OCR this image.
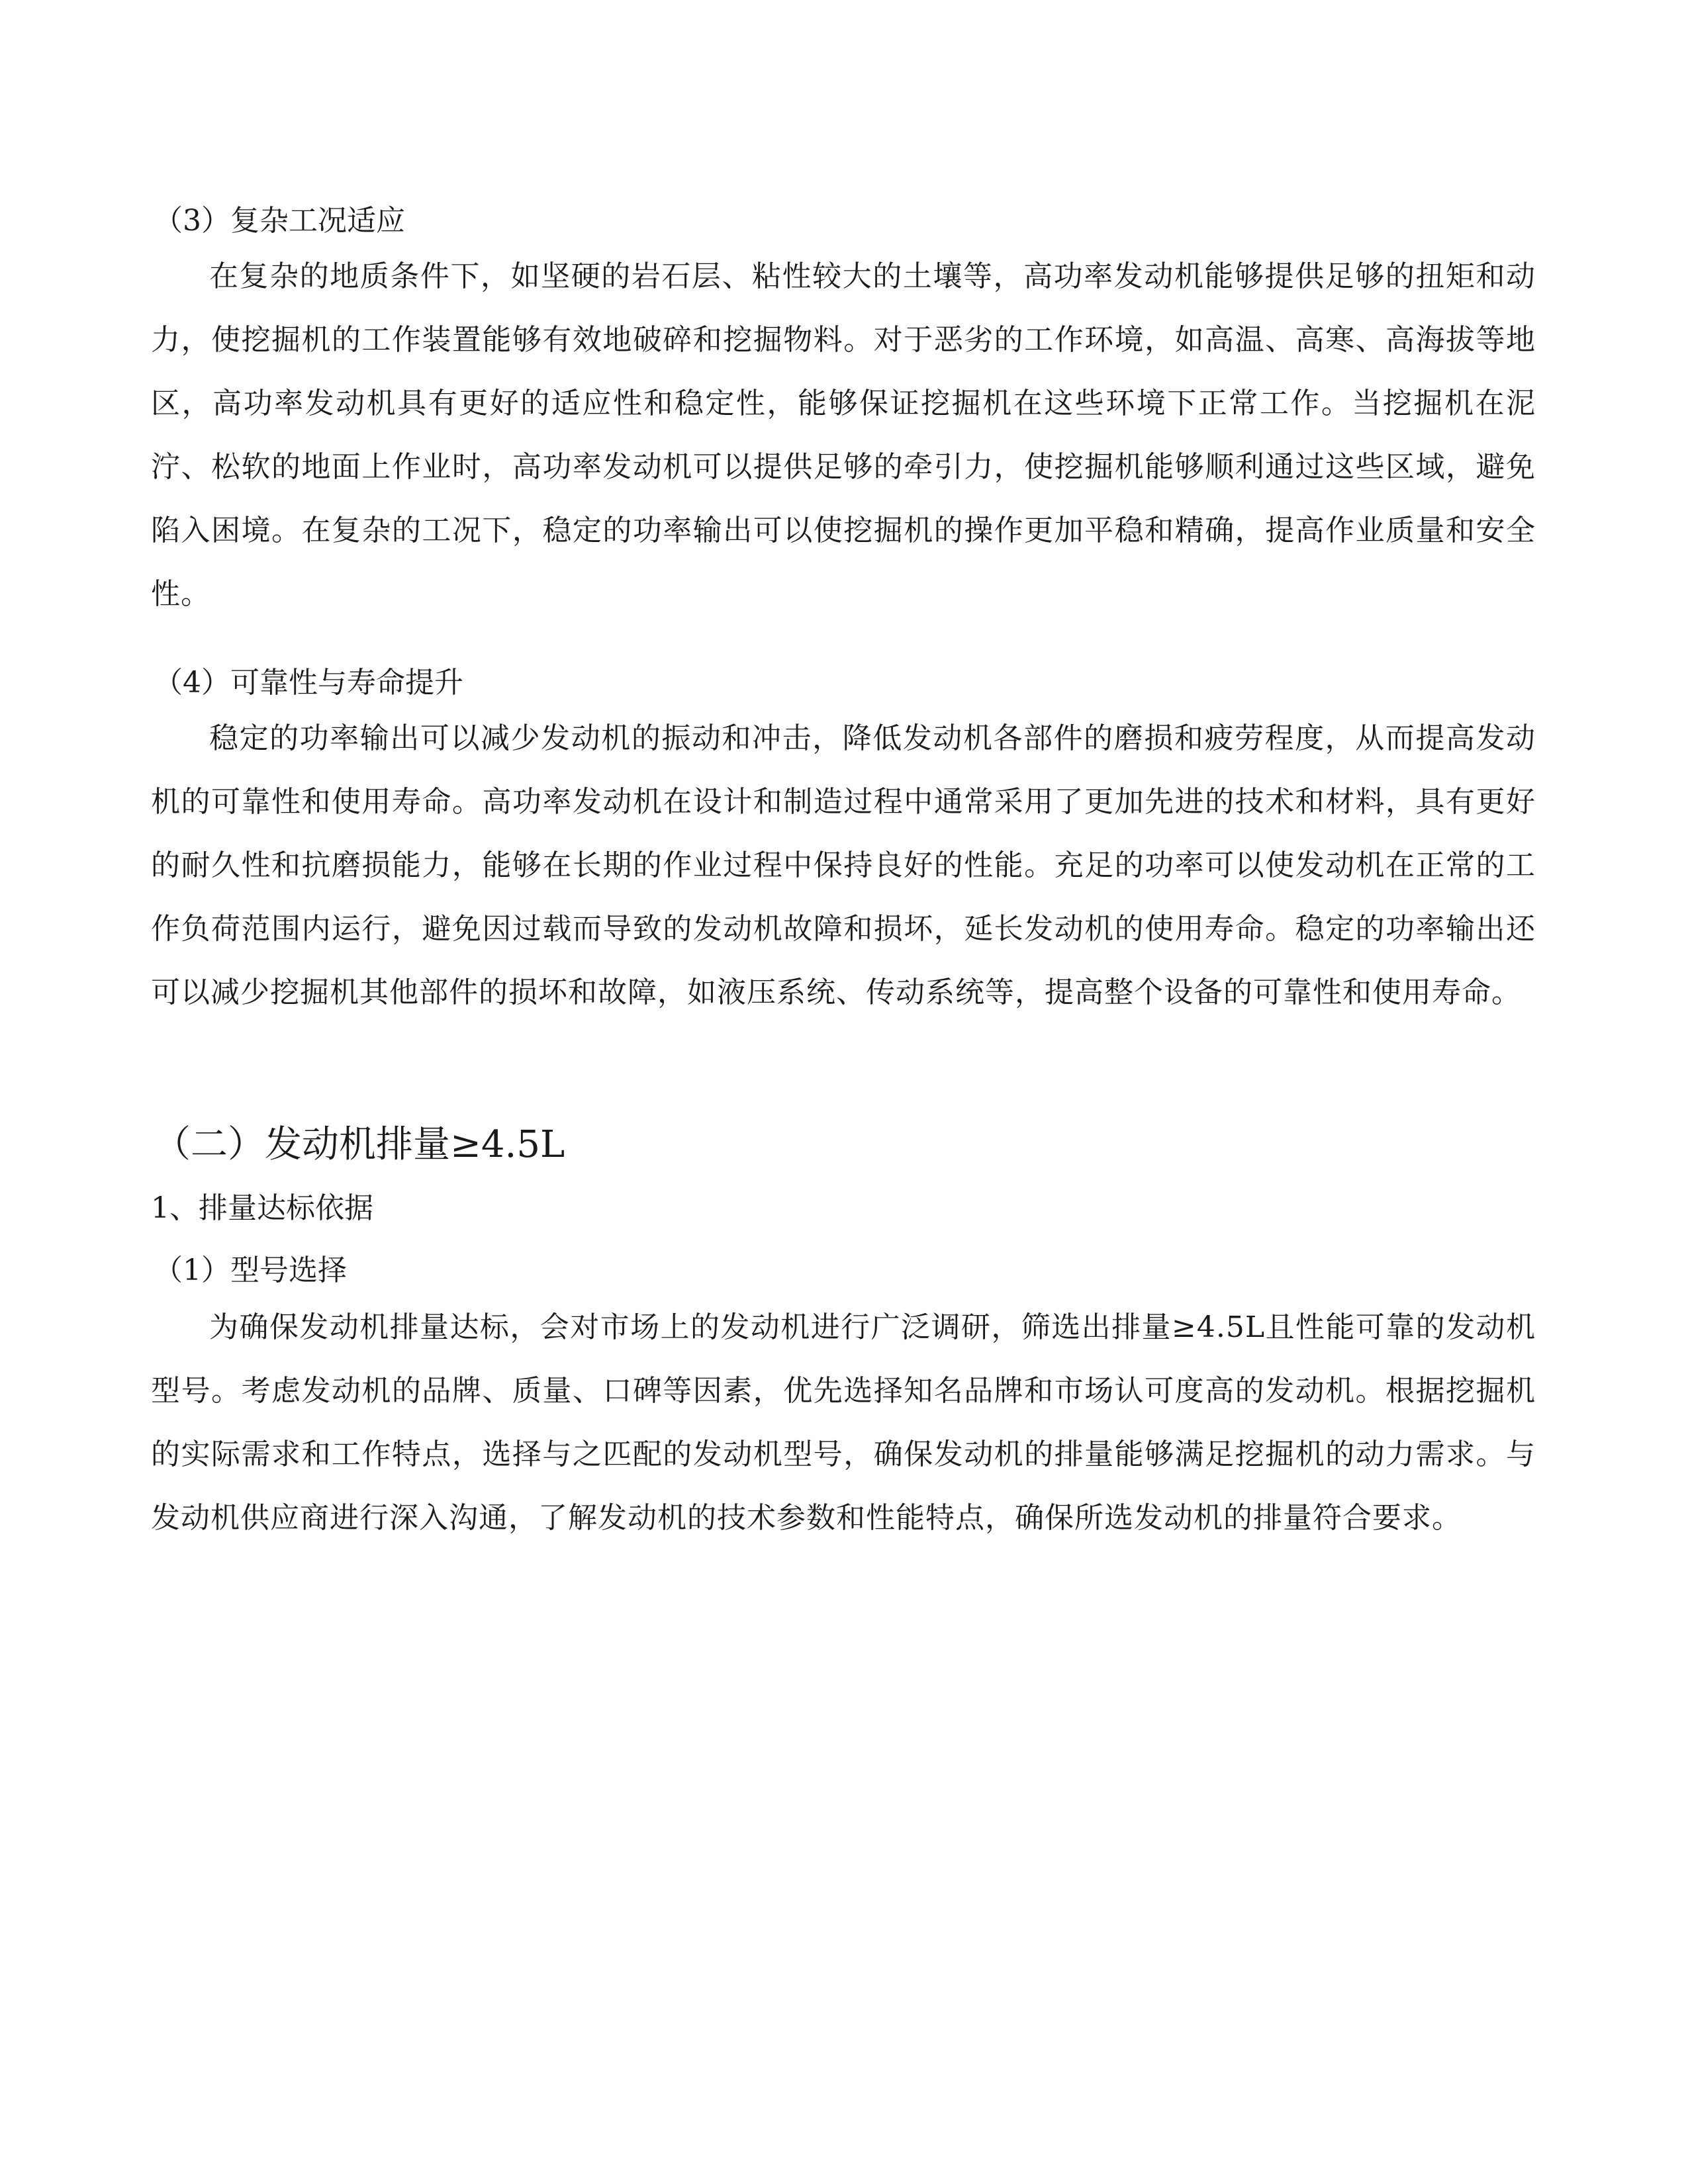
（3）复杂工况适应

在复杂的地质条件下，如坚硬的岩石层、粘性较大的土壤等，高功率发动机能够提供足够的扭矩和动力，使挖掘机的工作装置能够有效地破碎和挖掘物料。对于恶劣的工作环境，如高温、高寒、高海拔等地区，高功率发动机具有更好的适应性和稳定性，能够保证挖掘机在这些环境下正常工作。当挖掘机在泥泞、松软的地面上作业时，高功率发动机可以提供足够的牵引力，使挖掘机能够顺利通过这些区域，避免陷入困境。在复杂的工况下，稳定的功率输出可以使挖掘机的操作更加平稳和精确，提高作业质量和安全性。

（4）可靠性与寿命提升

稳定的功率输出可以减少发动机的振动和冲击，降低发动机各部件的磨损和疲劳程度，从而提高发动机的可靠性和使用寿命。高功率发动机在设计和制造过程中通常采用了更加先进的技术和材料，具有更好的耐久性和抗磨损能力，能够在长期的作业过程中保持良好的性能。充足的功率可以使发动机在正常的工作负荷范围内运行，避免因过载而导致的发动机故障和损坏，延长发动机的使用寿命。稳定的功率输出还可以减少挖掘机其他部件的损坏和故障，如液压系统、传动系统等，提高整个设备的可靠性和使用寿命。

（二）发动机排量≥4.5L
1、排量达标依据
（1）型号选择

为确保发动机排量达标，会对市场上的发动机进行广泛调研，筛选出排量≥4.5L且性能可靠的发动机型号。考虑发动机的品牌、质量、口碑等因素，优先选择知名品牌和市场认可度高的发动机。根据挖掘机的实际需求和工作特点，选择与之匹配的发动机型号，确保发动机的排量能够满足挖掘机的动力需求。与发动机供应商进行深入沟通，了解发动机的技术参数和性能特点，确保所选发动机的排量符合要求。
